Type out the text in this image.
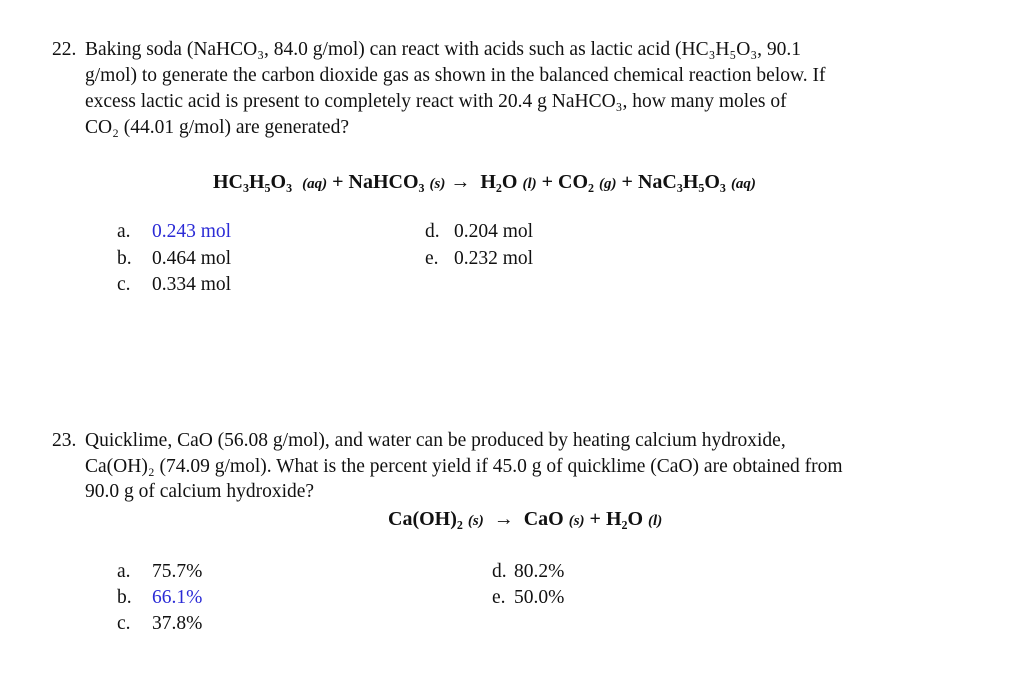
22. Baking soda (NaHCO₃, 84.0 g/mol) can react with acids such as lactic acid (HC₃H₅O₃, 90.1
g/mol) to generate the carbon dioxide gas as shown in the balanced chemical reaction below. If
excess lactic acid is present to completely react with 20.4 g NaHCO₃, how many moles of
CO₂ (44.01 g/mol) are generated?
HC₃H₅O₃ (aq) + NaHCO₃ (s) → H₂O (l) + CO₂ (g) + NaC₃H₅O₃ (aq)
a. 0.243 mol
b. 0.464 mol
c. 0.334 mol
d. 0.204 mol
e. 0.232 mol
23. Quicklime, CaO (56.08 g/mol), and water can be produced by heating calcium hydroxide,
Ca(OH)₂ (74.09 g/mol). What is the percent yield if 45.0 g of quicklime (CaO) are obtained from
90.0 g of calcium hydroxide?
Ca(OH)₂ (s) → CaO (s) + H₂O (l)
a. 75.7%
b. 66.1%
c. 37.8%
d. 80.2%
e. 50.0%
